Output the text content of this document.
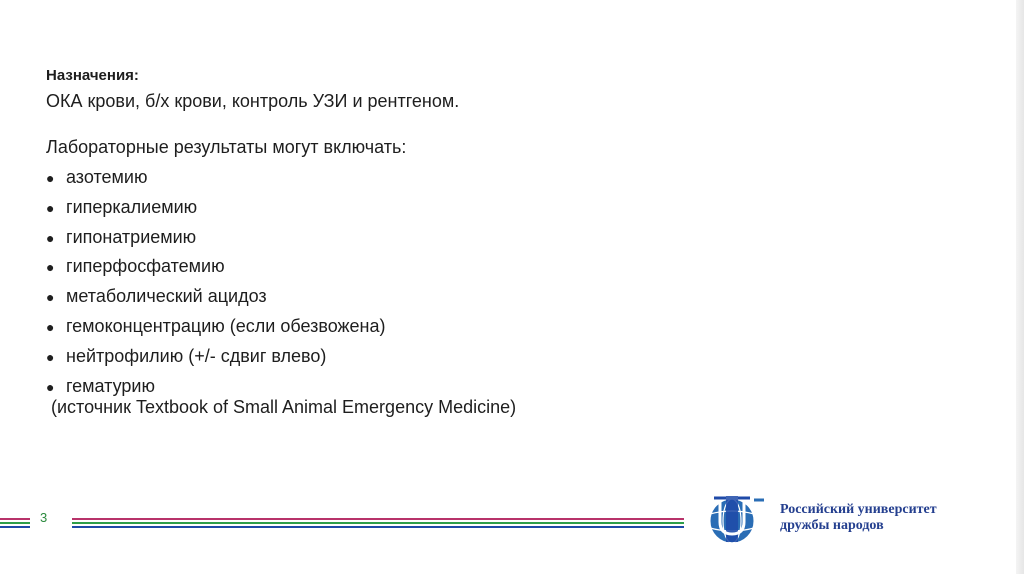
Назначения:

ОКА крови, б/х крови, контроль УЗИ и рентгеном.

Лабораторные результаты могут включать:

● азотемию
● гиперкалиемию
● гипонатриемию
● гиперфосфатемию
● метаболический ацидоз
● гемоконцентрацию (если обезвожена)
● нейтрофилию (+/- сдвиг влево)
● гематурию

(источник Textbook of Small Animal Emergency Medicine)

3
Российский университет
дружбы народов
